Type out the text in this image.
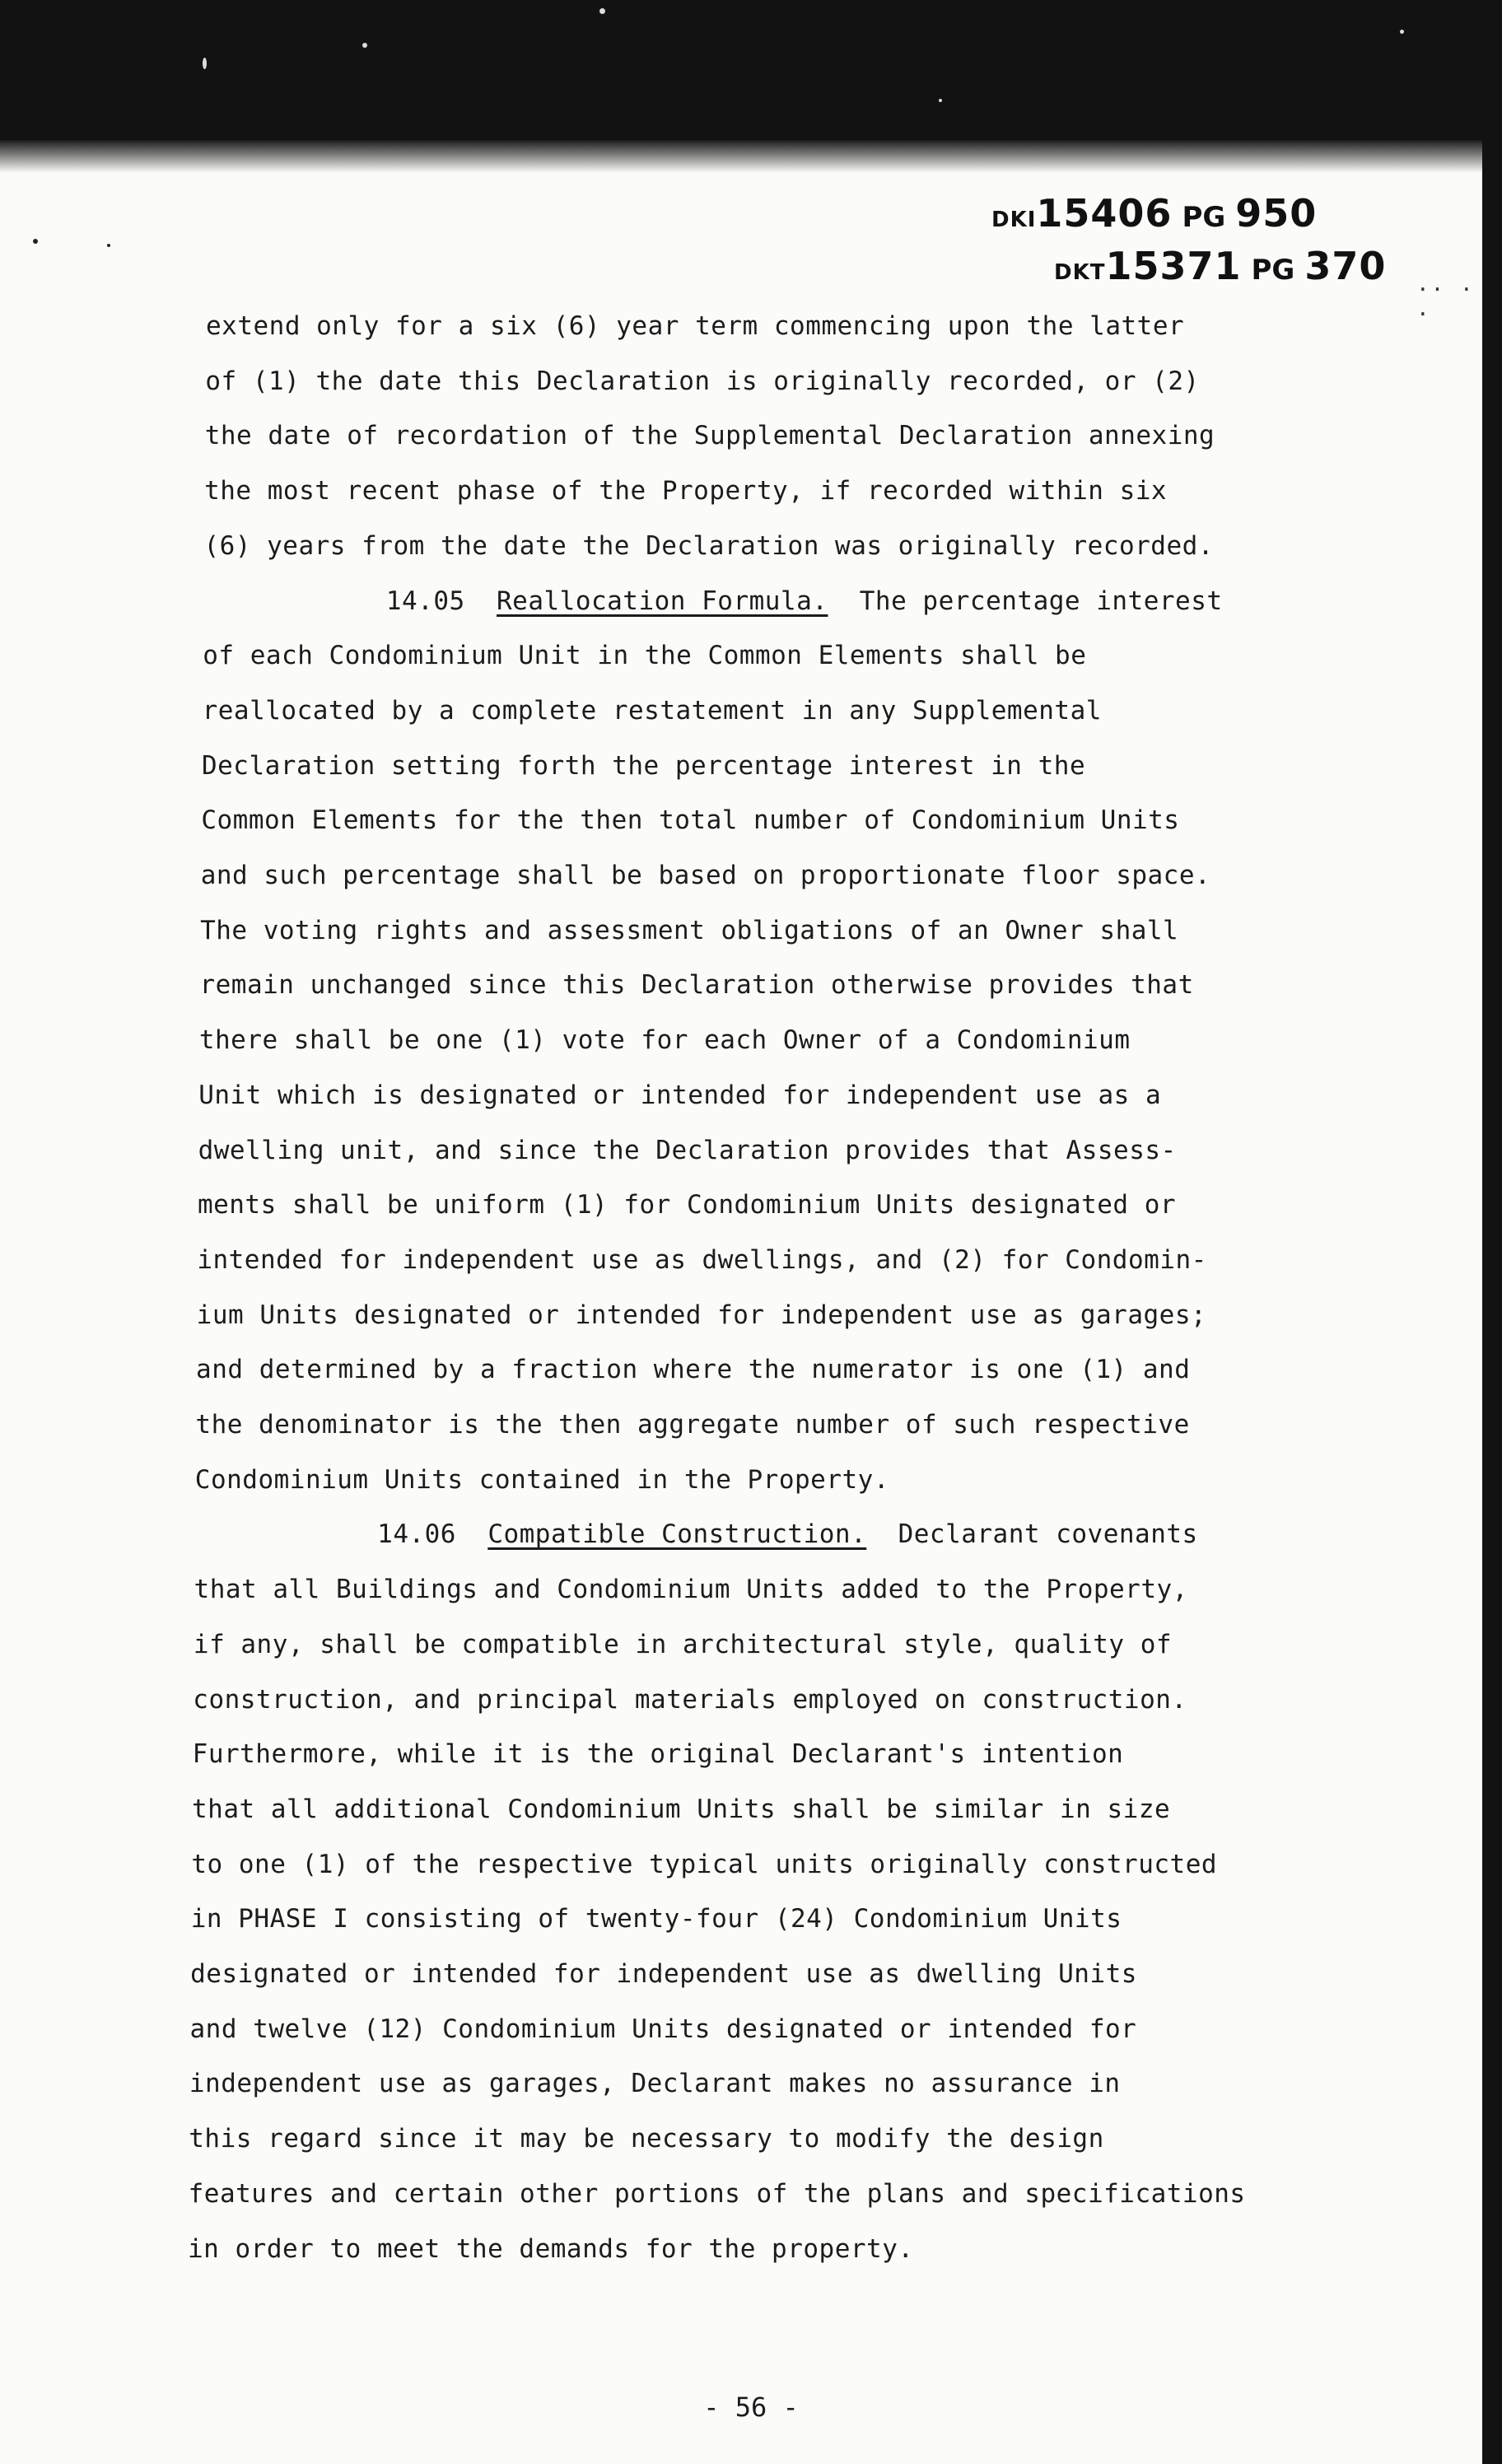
DKI15406 PG 950
DKT15371 PG 370 .. . .
extend only for a six (6) year term commencing upon the latter
of (1) the date this Declaration is originally recorded, or (2)
the date of recordation of the Supplemental Declaration annexing
the most recent phase of the Property, if recorded within six
(6) years from the date the Declaration was originally recorded.
14.05 Reallocation Formula. The percentage interest
of each Condominium Unit in the Common Elements shall be
reallocated by a complete restatement in any Supplemental
Declaration setting forth the percentage interest in the
Common Elements for the then total number of Condominium Units
and such percentage shall be based on proportionate floor space.
The voting rights and assessment obligations of an Owner shall
remain unchanged since this Declaration otherwise provides that
there shall be one (1) vote for each Owner of a Condominium
Unit which is designated or intended for independent use as a
dwelling unit, and since the Declaration provides that Assess-
ments shall be uniform (1) for Condominium Units designated or
intended for independent use as dwellings, and (2) for Condomin-
ium Units designated or intended for independent use as garages;
and determined by a fraction where the numerator is one (1) and
the denominator is the then aggregate number of such respective
Condominium Units contained in the Property.
14.06 Compatible Construction. Declarant covenants
that all Buildings and Condominium Units added to the Property,
if any, shall be compatible in architectural style, quality of
construction, and principal materials employed on construction.
Furthermore, while it is the original Declarant's intention
that all additional Condominium Units shall be similar in size
to one (1) of the respective typical units originally constructed
in PHASE I consisting of twenty-four (24) Condominium Units
designated or intended for independent use as dwelling Units
and twelve (12) Condominium Units designated or intended for
independent use as garages, Declarant makes no assurance in
this regard since it may be necessary to modify the design
features and certain other portions of the plans and specifications
in order to meet the demands for the property.
- 56 -
